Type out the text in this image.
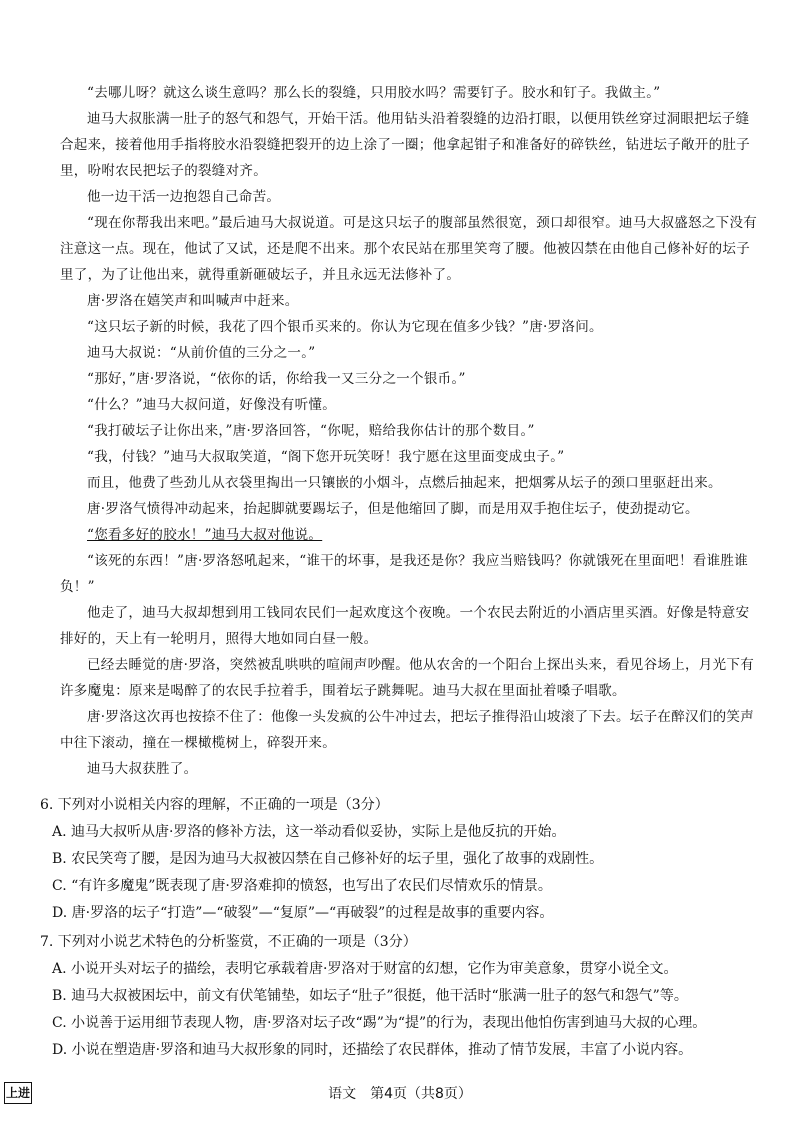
“去哪儿呀？就这么谈生意吗？那么长的裂缝，只用胶水吗？需要钉子。胶水和钉子。我做主。”

迪马大叔胀满一肚子的怒气和怨气，开始干活。他用钻头沿着裂缝的边沿打眼，以便用铁丝穿过洞眼把坛子缝合起来，接着他用手指将胶水沿裂缝把裂开的边上涂了一圈；他拿起钳子和准备好的碎铁丝，钻进坛子敞开的肚子里，吩咐农民把坛子的裂缝对齐。

他一边干活一边抱怨自己命苦。

“现在你帮我出来吧。”最后迪马大叔说道。可是这只坛子的腹部虽然很宽，颈口却很窄。迪马大叔盛怒之下没有注意这一点。现在，他试了又试，还是爬不出来。那个农民站在那里笑弯了腰。他被囚禁在由他自己修补好的坛子里了，为了让他出来，就得重新砸破坛子，并且永远无法修补了。

唐·罗洛在嬉笑声和叫喊声中赶来。

“这只坛子新的时候，我花了四个银币买来的。你认为它现在值多少钱？”唐·罗洛问。

迪马大叔说：“从前价值的三分之一。”

“那好，”唐·罗洛说，“依你的话，你给我一又三分之一个银币。”

“什么？”迪马大叔问道，好像没有听懂。

“我打破坛子让你出来，”唐·罗洛回答，“你呢，赔给我你估计的那个数目。”

“我，付钱？”迪马大叔取笑道，“阁下您开玩笑呀！我宁愿在这里面变成虫子。”

而且，他费了些劲儿从衣袋里掏出一只镶嵌的小烟斗，点燃后抽起来，把烟雾从坛子的颈口里驱赶出来。

唐·罗洛气愤得冲动起来，抬起脚就要踢坛子，但是他缩回了脚，而是用双手抱住坛子，使劲提动它。

“您看多好的胶水！”迪马大叔对他说。

“该死的东西！”唐·罗洛怒吼起来，“谁干的坏事，是我还是你？我应当赔钱吗？你就饿死在里面吧！看谁胜谁负！”

他走了，迪马大叔却想到用工钱同农民们一起欢度这个夜晚。一个农民去附近的小酒店里买酒。好像是特意安排好的，天上有一轮明月，照得大地如同白昼一般。

已经去睡觉的唐·罗洛，突然被乱哄哄的喧闹声吵醒。他从农舍的一个阳台上探出头来，看见谷场上，月光下有许多魔鬼：原来是喝醉了的农民手拉着手，围着坛子跳舞呢。迪马大叔在里面扯着嗓子唱歌。

唐·罗洛这次再也按捺不住了：他像一头发疯的公牛冲过去，把坛子推得沿山坡滚了下去。坛子在醉汉们的笑声中往下滚动，撞在一棵橄榄树上，碎裂开来。

迪马大叔获胜了。

6. 下列对小说相关内容的理解，不正确的一项是（3分）

A. 迪马大叔听从唐·罗洛的修补方法，这一举动看似妥协，实际上是他反抗的开始。

B. 农民笑弯了腰，是因为迪马大叔被囚禁在自己修补好的坛子里，强化了故事的戏剧性。

C. “有许多魔鬼”既表现了唐·罗洛难抑的愤怒，也写出了农民们尽情欢乐的情景。

D. 唐·罗洛的坛子“打造”—“破裂”—“复原”—“再破裂”的过程是故事的重要内容。

7. 下列对小说艺术特色的分析鉴赏，不正确的一项是（3分）

A. 小说开头对坛子的描绘，表明它承载着唐·罗洛对于财富的幻想，它作为审美意象，贯穿小说全文。

B. 迪马大叔被困坛中，前文有伏笔铺垫，如坛子“肚子”很挺，他干活时“胀满一肚子的怒气和怨气”等。

C. 小说善于运用细节表现人物，唐·罗洛对坛子改“踢”为“提”的行为，表现出他怕伤害到迪马大叔的心理。

D. 小说在塑造唐·罗洛和迪马大叔形象的同时，还描绘了农民群体，推动了情节发展，丰富了小说内容。

上进	语文　第4页（共8页）
